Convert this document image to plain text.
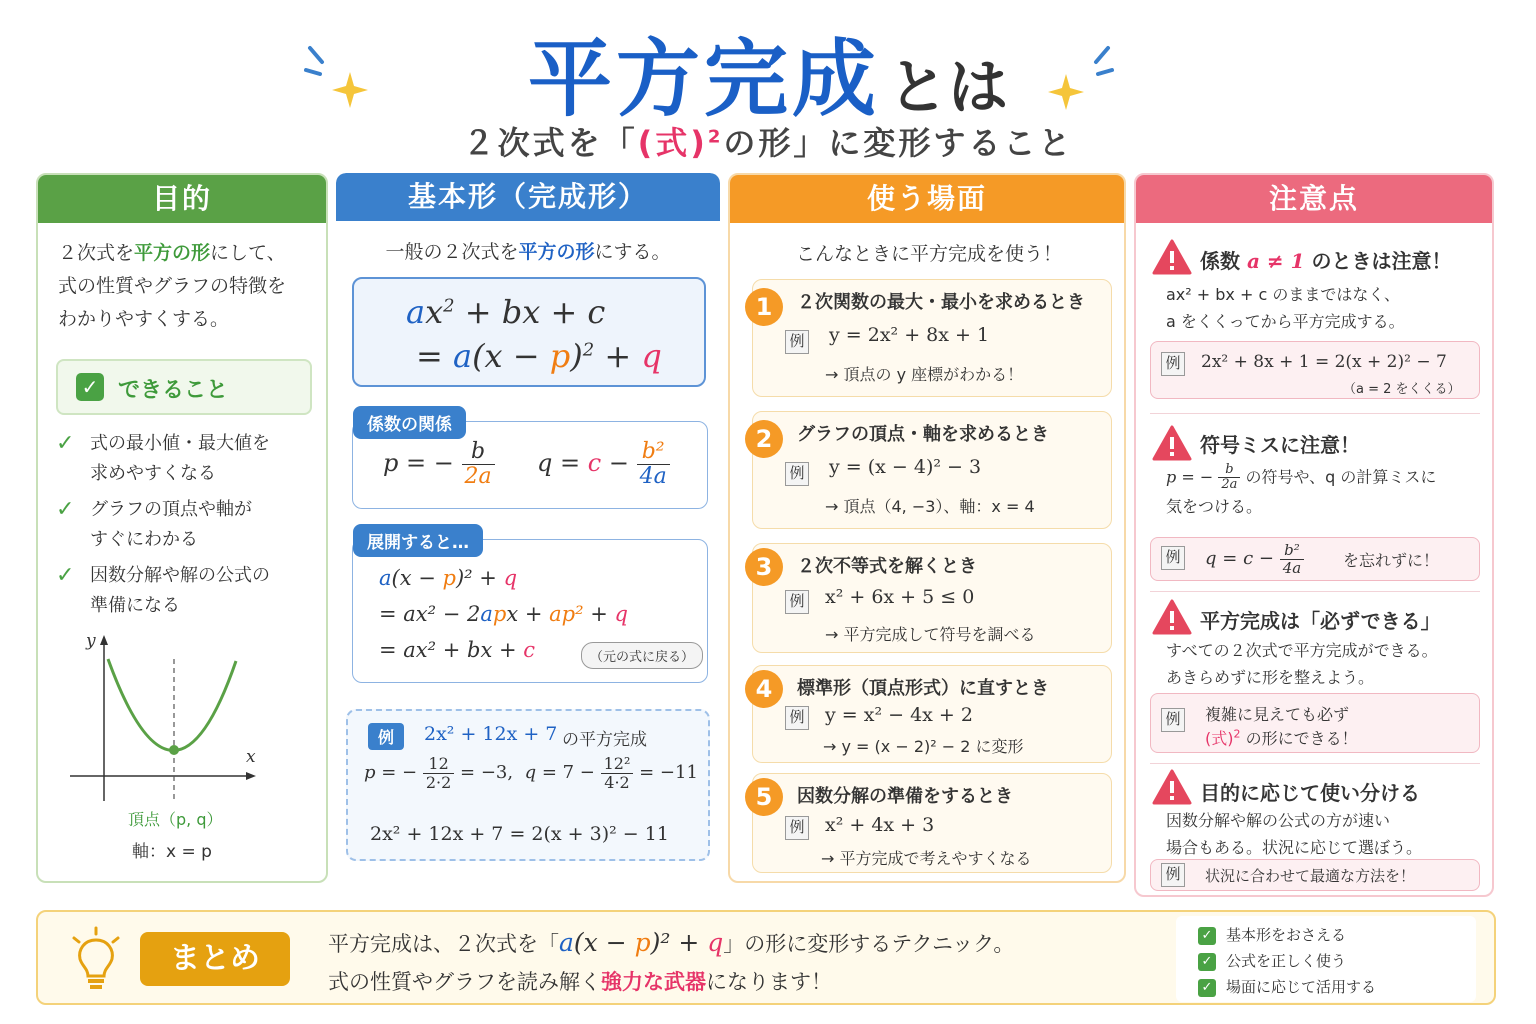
平方完成 とは
２次式を「(式)$^2$の形」に変形すること
目的
２次式を平方の形にして、
式の性質やグラフの特徴を
わかりやすくする。
✓ できること
✓ 式の最小値・最大値を
求めやすくなる
✓ グラフの頂点や軸が
すぐにわかる
✓ 因数分解や解の公式の
準備になる
y
x
頂点（p, q）
軸：x = p
基本形（完成形）
一般の２次式を平方の形にする。
$ax^2$ + bx + c
= $a(x - p)^2 + q$
係数の関係
p = − $\frac{b}{2a}$ $q = c - \frac{\text{b²}}{4a}$
展開すると…
a(x − p)² + q
= ax² − 2apx + ap² + q
= ax² + bx + c	（元の式に戻る）
例	2x² + 12x + 7 の平方完成
p = − $\frac{12}{2\cdot 2} = -3$,  $q = 7 - \frac{\text{12²}}{4\cdot 2} = -11$
2x² + 12x + 7 = 2(x + 3)² − 11
使う場面
こんなときに平方完成を使う！
1	２次関数の最大・最小を求めるとき
例 y = 2x² + 8x + 1
→ 頂点の y 座標がわかる！
2	グラフの頂点・軸を求めるとき
例 y = (x − 4)² − 3
→ 頂点（4, −3）、軸：x = 4
3	２次不等式を解くとき
例 x² + 6x + 5 ≤ 0
→ 平方完成して符号を調べる
4	標準形（頂点形式）に直すとき
例 y = x² − 4x + 2
→ y = (x − 2)² − 2 に変形
5	因数分解の準備をするとき
例 x² + 4x + 3
→ 平方完成で考えやすくなる
注意点
係数 a ≠ 1 のときは注意！
ax² + bx + c のままではなく、
a をくくってから平方完成する。
例 2x² + 8x + 1 = 2(x + 2)² − 7
（a = 2 をくくる）
符号ミスに注意！
p = − $\frac{b}{2a}$ の符号や、q の計算ミスに
気をつける。
例 $q = c - \frac{\text{b²}}{4a}$ を忘れずに！
平方完成は「必ずできる」
すべての２次式で平方完成ができる。
あきらめずに形を整えよう。
例 複雑に見えても必ず
(式)$^2$ の形にできる！
目的に応じて使い分ける
因数分解や解の公式の方が速い
場合もある。状況に応じて選ぼう。
例	状況に合わせて最適な方法を！
まとめ	平方完成は、２次式を「a(x − p)² + q」の形に変形するテクニック。
式の性質やグラフを読み解く強力な武器になります！
✓ 基本形をおさえる
✓ 公式を正しく使う
✓ 場面に応じて活用する
